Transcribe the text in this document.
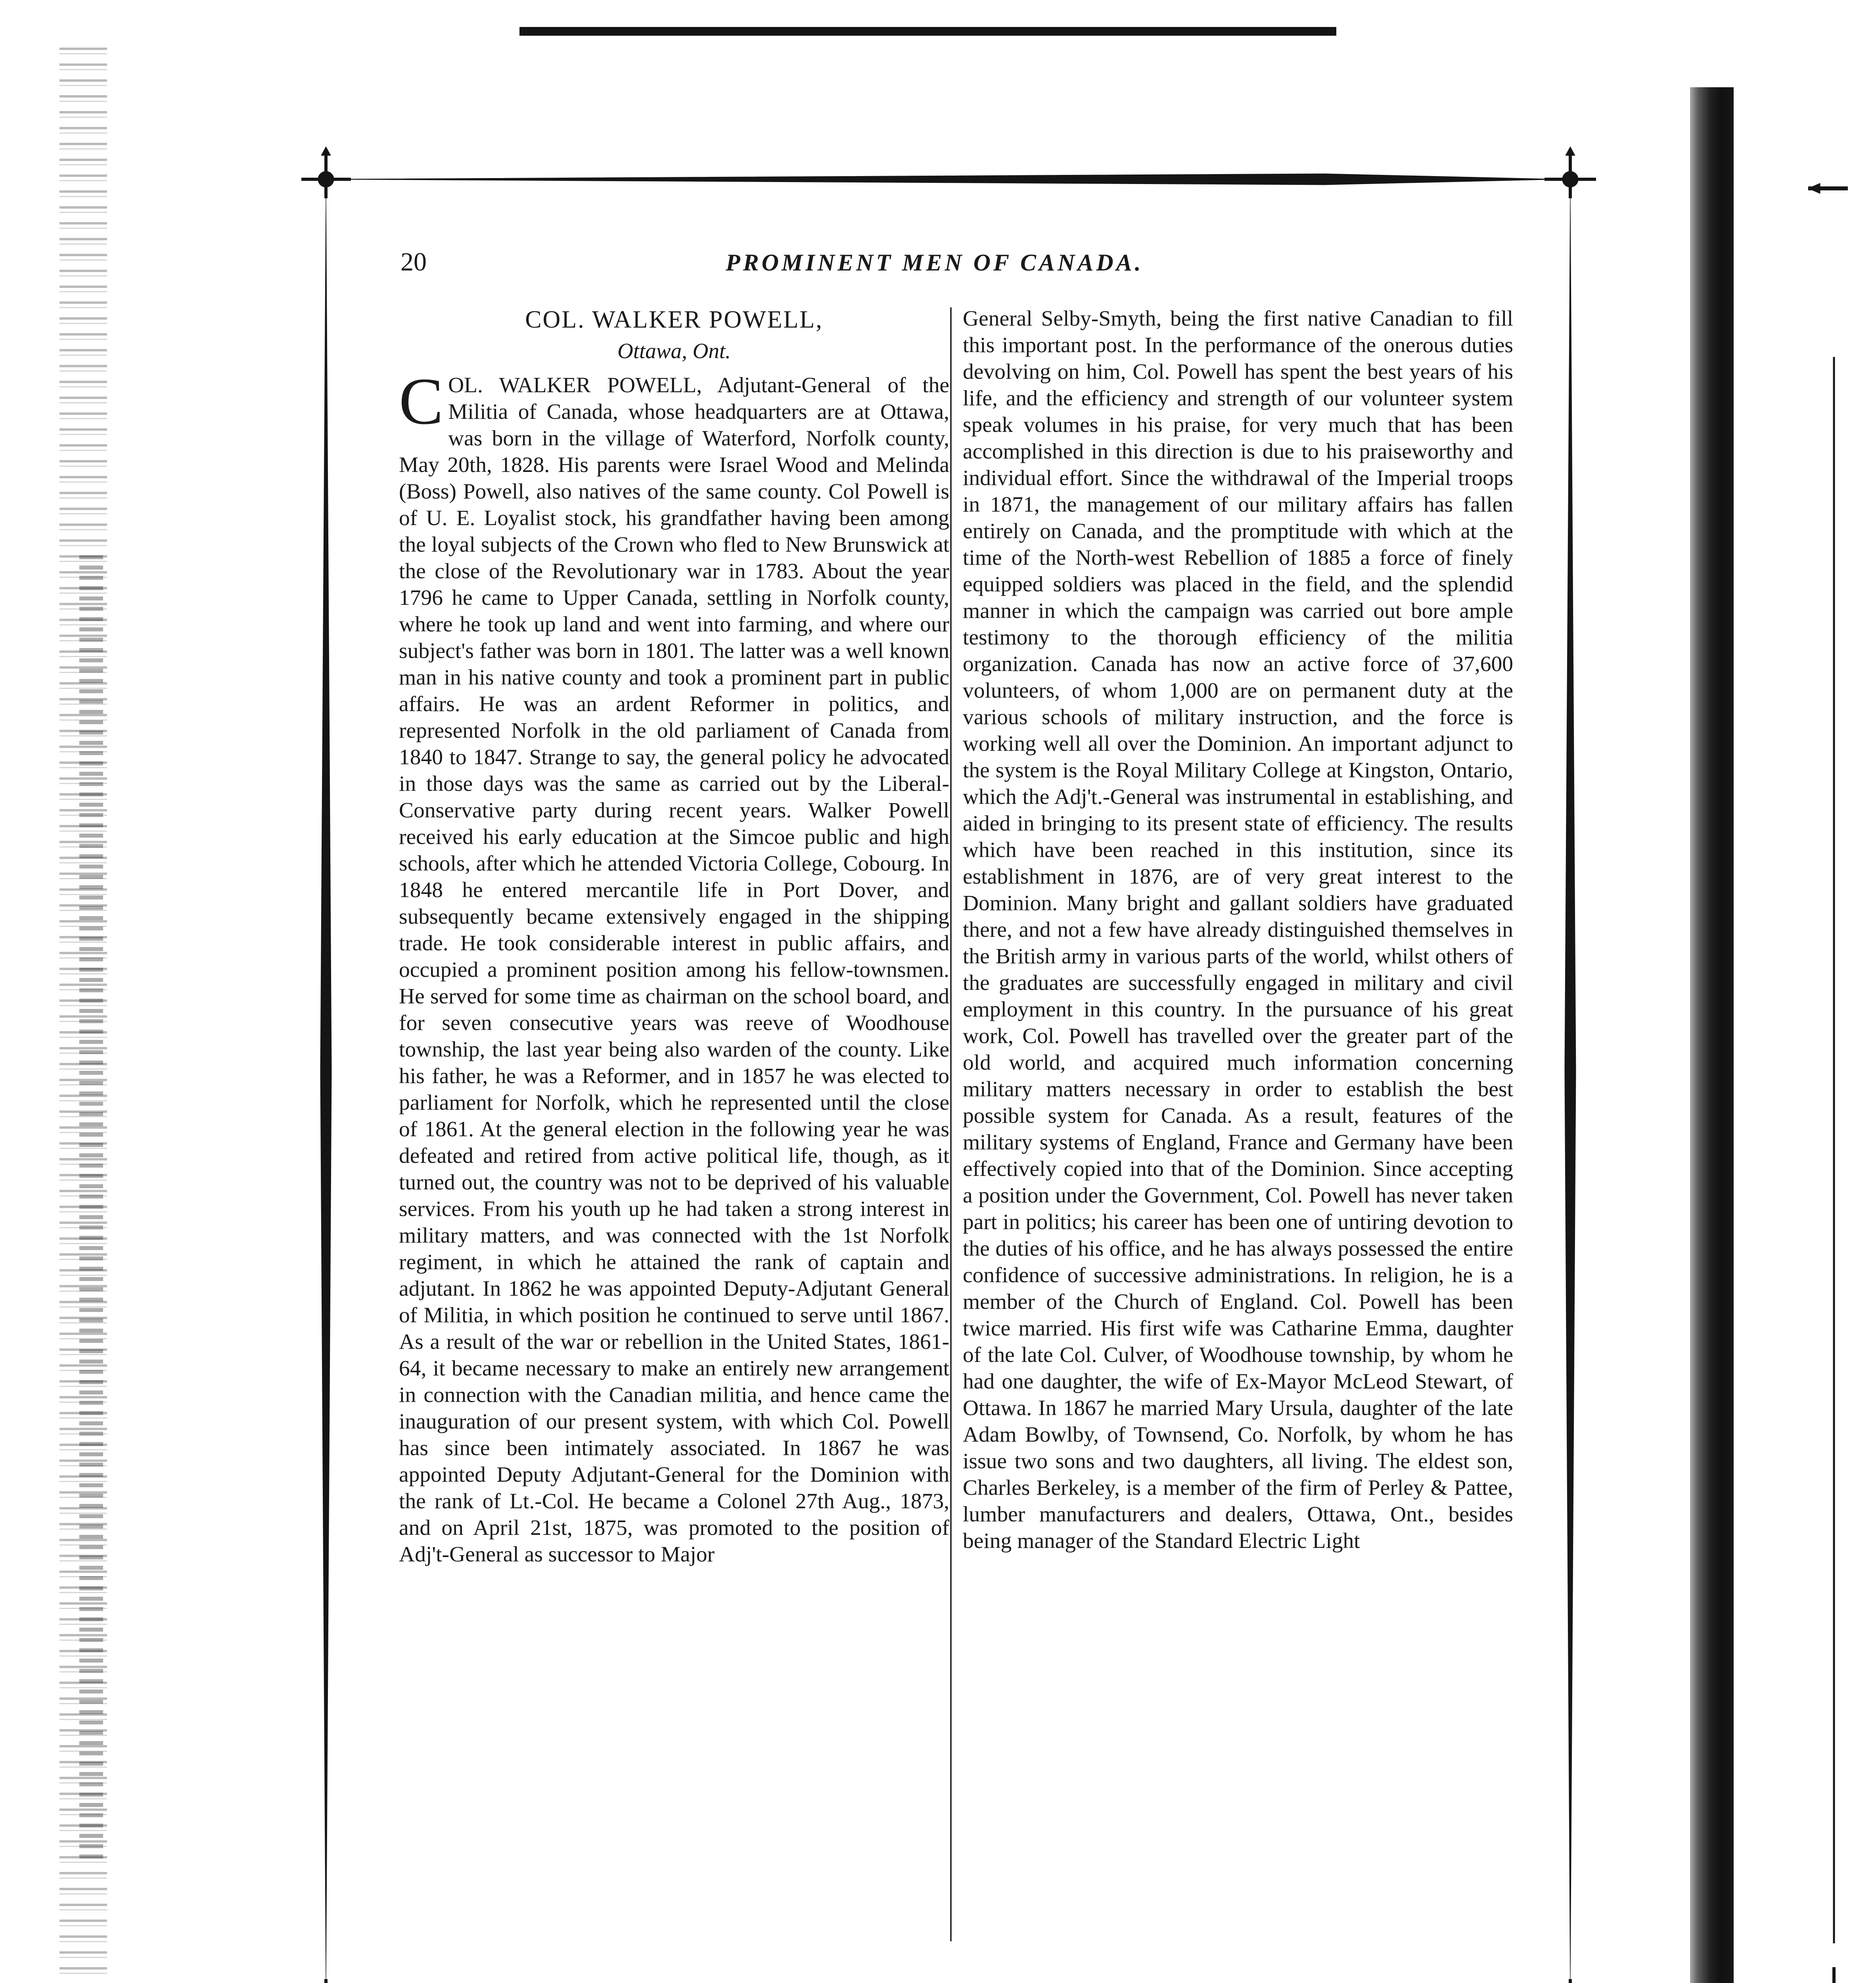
20	PROMINENT MEN OF CANADA.
COL. WALKER POWELL,
Ottawa, Ont.

COL. WALKER POWELL, Adjutant-General of the Militia of Canada, whose headquarters are at Ottawa, was born in the village of Waterford, Norfolk county, May 20th, 1828. His parents were Israel Wood and Melinda (Boss) Powell, also natives of the same county. Col Powell is of U. E. Loyalist stock, his grandfather having been among the loyal subjects of the Crown who fled to New Brunswick at the close of the Revolutionary war in 1783. About the year 1796 he came to Upper Canada, settling in Norfolk county, where he took up land and went into farming, and where our subject's father was born in 1801. The latter was a well known man in his native county and took a prominent part in public affairs. He was an ardent Reformer in politics, and represented Norfolk in the old parliament of Canada from 1840 to 1847. Strange to say, the general policy he advocated in those days was the same as carried out by the Liberal-Conservative party during recent years. Walker Powell received his early education at the Simcoe public and high schools, after which he attended Victoria College, Cobourg. In 1848 he entered mercantile life in Port Dover, and subsequently became extensively engaged in the shipping trade. He took considerable interest in public affairs, and occupied a prominent position among his fellow-townsmen. He served for some time as chairman on the school board, and for seven consecutive years was reeve of Woodhouse township, the last year being also warden of the county. Like his father, he was a Reformer, and in 1857 he was elected to parliament for Norfolk, which he represented until the close of 1861. At the general election in the following year he was defeated and retired from active political life, though, as it turned out, the country was not to be deprived of his valuable services. From his youth up he had taken a strong interest in military matters, and was connected with the 1st Norfolk regiment, in which he attained the rank of captain and adjutant. In 1862 he was appointed Deputy-Adjutant General of Militia, in which position he continued to serve until 1867. As a result of the war or rebellion in the United States, 1861-64, it became necessary to make an entirely new arrangement in connection with the Canadian militia, and hence came the inauguration of our present system, with which Col. Powell has since been intimately associated. In 1867 he was appointed Deputy Adjutant-General for the Dominion with the rank of Lt.-Col. He became a Colonel 27th Aug., 1873, and on April 21st, 1875, was promoted to the position of Adj't-General as successor to Major

General Selby-Smyth, being the first native Canadian to fill this important post. In the performance of the onerous duties devolving on him, Col. Powell has spent the best years of his life, and the efficiency and strength of our volunteer system speak volumes in his praise, for very much that has been accomplished in this direction is due to his praiseworthy and individual effort. Since the withdrawal of the Imperial troops in 1871, the management of our military affairs has fallen entirely on Canada, and the promptitude with which at the time of the North-west Rebellion of 1885 a force of finely equipped soldiers was placed in the field, and the splendid manner in which the campaign was carried out bore ample testimony to the thorough efficiency of the militia organization. Canada has now an active force of 37,600 volunteers, of whom 1,000 are on permanent duty at the various schools of military instruction, and the force is working well all over the Dominion. An important adjunct to the system is the Royal Military College at Kingston, Ontario, which the Adj't.-General was instrumental in establishing, and aided in bringing to its present state of efficiency. The results which have been reached in this institution, since its establishment in 1876, are of very great interest to the Dominion. Many bright and gallant soldiers have graduated there, and not a few have already distinguished themselves in the British army in various parts of the world, whilst others of the graduates are successfully engaged in military and civil employment in this country. In the pursuance of his great work, Col. Powell has travelled over the greater part of the old world, and acquired much information concerning military matters necessary in order to establish the best possible system for Canada. As a result, features of the military systems of England, France and Germany have been effectively copied into that of the Dominion. Since accepting a position under the Government, Col. Powell has never taken part in politics; his career has been one of untiring devotion to the duties of his office, and he has always possessed the entire confidence of successive administrations. In religion, he is a member of the Church of England. Col. Powell has been twice married. His first wife was Catharine Emma, daughter of the late Col. Culver, of Woodhouse township, by whom he had one daughter, the wife of Ex-Mayor McLeod Stewart, of Ottawa. In 1867 he married Mary Ursula, daughter of the late Adam Bowlby, of Townsend, Co. Norfolk, by whom he has issue two sons and two daughters, all living. The eldest son, Charles Berkeley, is a member of the firm of Perley & Pattee, lumber manufacturers and dealers, Ottawa, Ont., besides being manager of the Standard Electric Light
